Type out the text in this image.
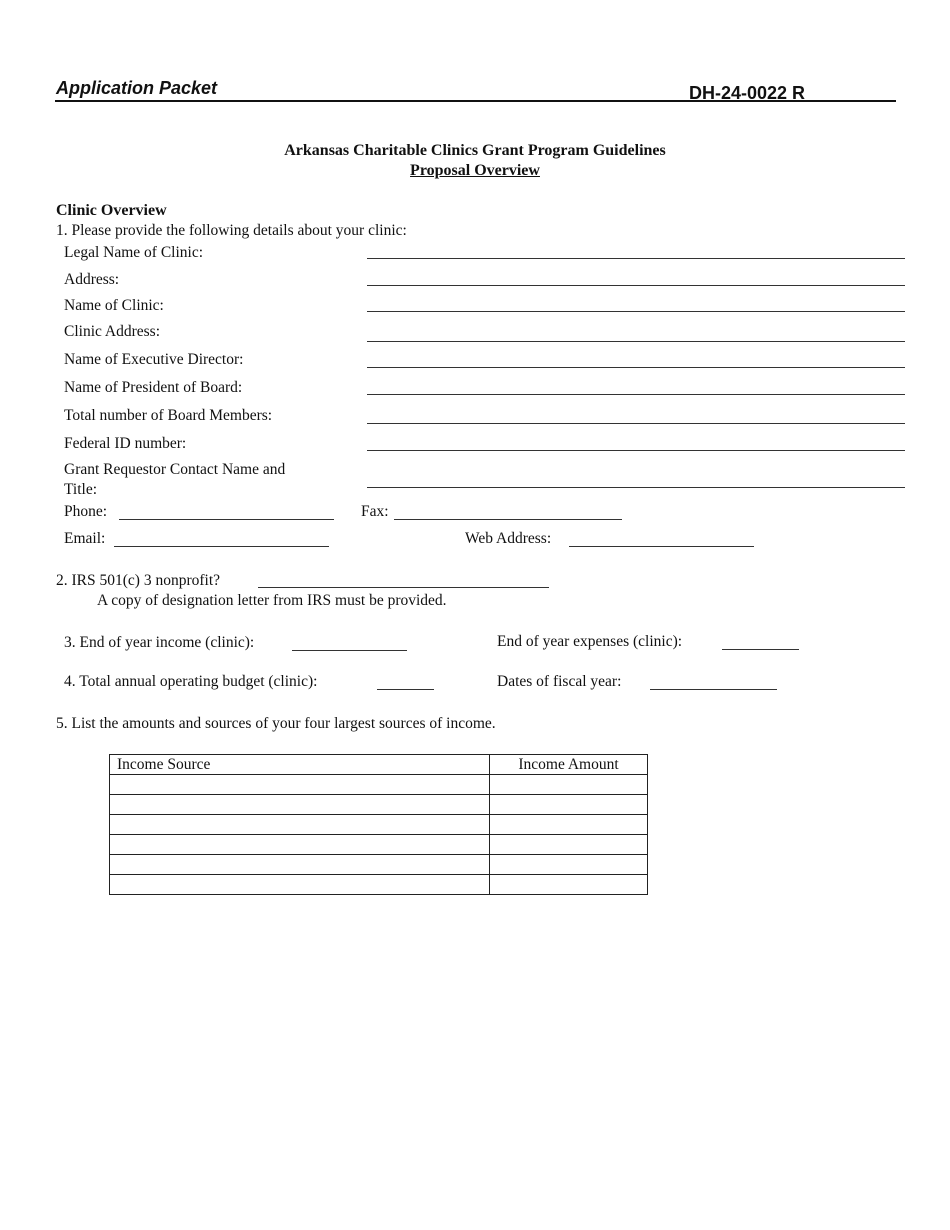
Application Packet	DH-24-0022 R
Arkansas Charitable Clinics Grant Program Guidelines
Proposal Overview
Clinic Overview
1. Please provide the following details about your clinic:
Legal Name of Clinic:
Address:
Name of Clinic:
Clinic Address:
Name of Executive Director:
Name of President of Board:
Total number of Board Members:
Federal ID number:
Grant Requestor Contact Name and
Title:
Phone:	Fax:
Email:	Web Address:
2. IRS 501(c) 3 nonprofit?
A copy of designation letter from IRS must be provided.
3. End of year income (clinic):	End of year expenses (clinic):
4. Total annual operating budget (clinic):	Dates of fiscal year:
5. List the amounts and sources of your four largest sources of income.
Income Source	Income Amount
